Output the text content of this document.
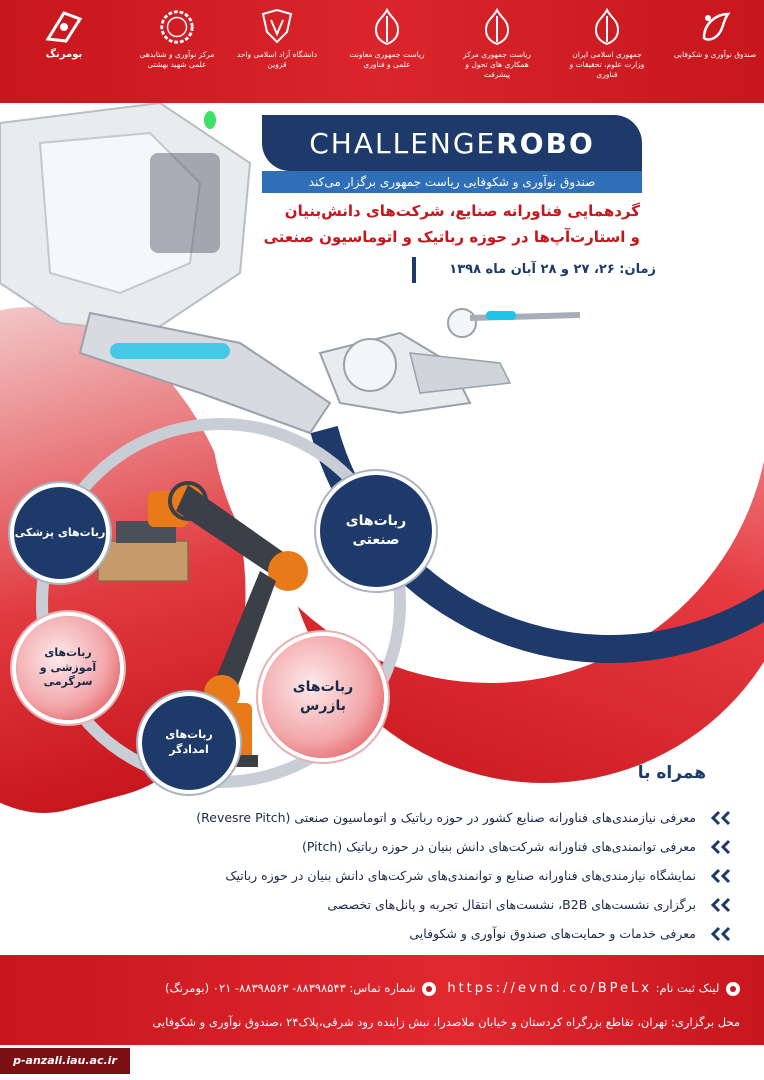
صندوق نوآوری و شکوفایی
جمهوری اسلامی ایران وزارت علوم، تحقیقات و فناوری
ریاست جمهوری مرکز همکاری های تحول و پیشرفت
ریاست جمهوری معاونت علمی و فناوری
دانشگاه آزاد اسلامی واحد قزوین
مرکز نوآوری و شتابدهی علمی شهید بهشتی
بومرنگ
ROBO
CHALLENGE
صندوق نوآوری و شکوفایی ریاست جمهوری برگزار می‌کند
گردهمایی فناورانه صنایع، شرکت‌های دانش‌بنیان
و استارت‌آپ‌ها در حوزه رباتیک و اتوماسیون صنعتی
زمان: ۲۶، ۲۷ و ۲۸ آبان ماه ۱۳۹۸
ربات‌های صنعتی
ربات‌های پزشکی
ربات‌های آموزشی و سرگرمی	ربات‌های بازرس
ربات‌های امدادگر
همراه با
معرفی نیازمندی‌های فناورانه صنایع کشور در حوزه رباتیک و اتوماسیون صنعتی (Revesre Pitch)
معرفی توانمندی‌های فناورانه شرکت‌های دانش بنیان در حوزه رباتیک (Pitch)
نمایشگاه نیازمندی‌های فناورانه صنایع و توانمندی‌های شرکت‌های دانش بنیان در حوزه رباتیک
برگزاری نشست‌های B2B، نشست‌های انتقال تجربه و پانل‌های تخصصی
معرفی خدمات و حمایت‌های صندوق نوآوری و شکوفایی
لینک ثبت نام: https://evnd.co/BPeLx    شماره تماس: ۸۸۳۹۸۵۴۳- ۸۸۳۹۸۵۶۳- ۰۲۱ (بومرنگ)
محل برگزاری: تهران، تقاطع بزرگراه کردستان و خیابان ملاصدرا، نبش زاینده رود شرقی،پلاک۲۴ ،صندوق نوآوری و شکوفایی
p-anzali.iau.ac.ir
